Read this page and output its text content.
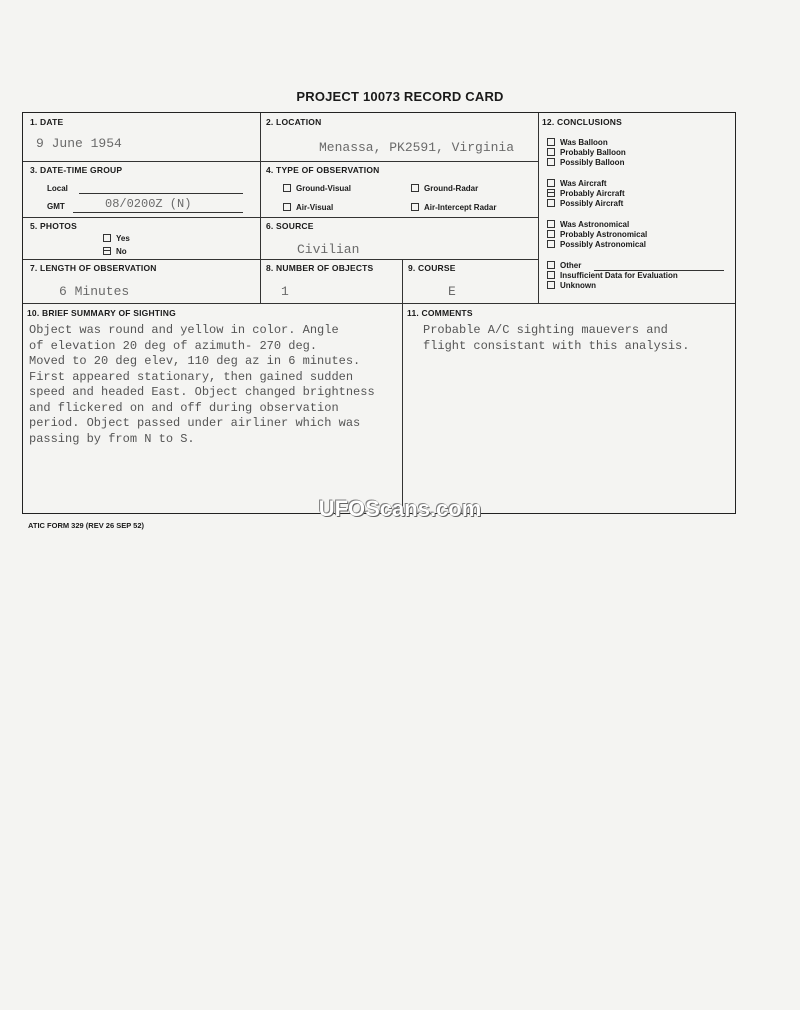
PROJECT 10073 RECORD CARD
1. DATE
9 June 1954
2. LOCATION
Menassa, PK2591, Virginia
3. DATE-TIME GROUP
Local
GMT	08/0200Z (N)
4. TYPE OF OBSERVATION
Ground-Visual	Ground-Radar
Air-Visual	Air-Intercept Radar
5. PHOTOS
Yes
No
6. SOURCE
Civilian
7. LENGTH OF OBSERVATION
6 Minutes
8. NUMBER OF OBJECTS
1
9. COURSE
E
12. CONCLUSIONS
Was Balloon
Probably Balloon
Possibly Balloon
Was Aircraft
Probably Aircraft
Possibly Aircraft
Was Astronomical
Probably Astronomical
Possibly Astronomical
Other
Insufficient Data for Evaluation
Unknown
10. BRIEF SUMMARY OF SIGHTING
Object was round and yellow in color. Angle
of elevation 20 deg of azimuth- 270 deg.
Moved to 20 deg elev, 110 deg az in 6 minutes.
First appeared stationary, then gained sudden
speed and headed East. Object changed brightness
and flickered on and off during observation
period. Object passed under airliner which was
passing by from N to S.
11. COMMENTS
Probable A/C sighting mauevers and
flight consistant with this analysis.
ATIC FORM 329 (REV 26 SEP 52)
UFOScans.com
